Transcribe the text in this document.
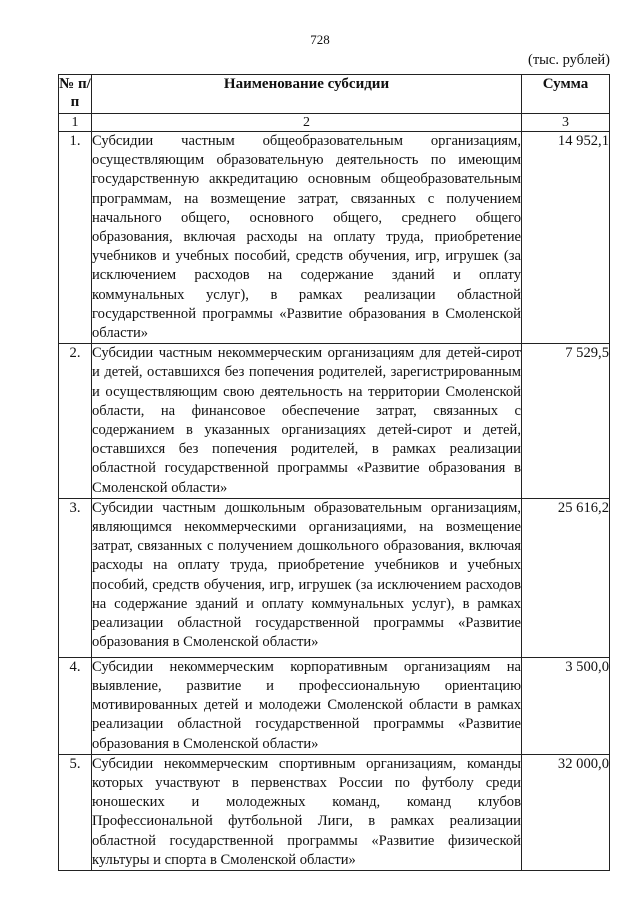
728
(тыс. рублей)
№ п/п	Наименование субсидии	Сумма
1	2	3
1.	Субсидии частным общеобразовательным организациям, осуществляющим образовательную деятельность по имеющим государственную аккредитацию основным общеобразовательным программам, на возмещение затрат, связанных с получением начального общего, основного общего, среднего общего образования, включая расходы на оплату труда, приобретение учебников и учебных пособий, средств обучения, игр, игрушек (за исключением расходов на содержание зданий и оплату коммунальных услуг), в рамках реализации областной государственной программы «Развитие образования в Смоленской области»	14 952,1
2.	Субсидии частным некоммерческим организациям для детей-сирот и детей, оставшихся без попечения родителей, зарегистрированным и осуществляющим свою деятельность на территории Смоленской области, на финансовое обеспечение затрат, связанных с содержанием в указанных организациях детей-сирот и детей, оставшихся без попечения родителей, в рамках реализации областной государственной программы «Развитие образования в Смоленской области»	7 529,5
3.	Субсидии частным дошкольным образовательным организациям, являющимся некоммерческими организациями, на возмещение затрат, связанных с получением дошкольного образования, включая расходы на оплату труда, приобретение учебников и учебных пособий, средств обучения, игр, игрушек (за исключением расходов на содержание зданий и оплату коммунальных услуг), в рамках реализации областной государственной программы «Развитие образования в Смоленской области»	25 616,2
4.	Субсидии некоммерческим корпоративным организациям на выявление, развитие и профессиональную ориентацию мотивированных детей и молодежи Смоленской области в рамках реализации областной государственной программы «Развитие образования в Смоленской области»	3 500,0
5.	Субсидии некоммерческим спортивным организациям, команды которых участвуют в первенствах России по футболу среди юношеских и молодежных команд, команд клубов Профессиональной футбольной Лиги, в рамках реализации областной государственной программы «Развитие физической культуры и спорта в Смоленской области»	32 000,0
